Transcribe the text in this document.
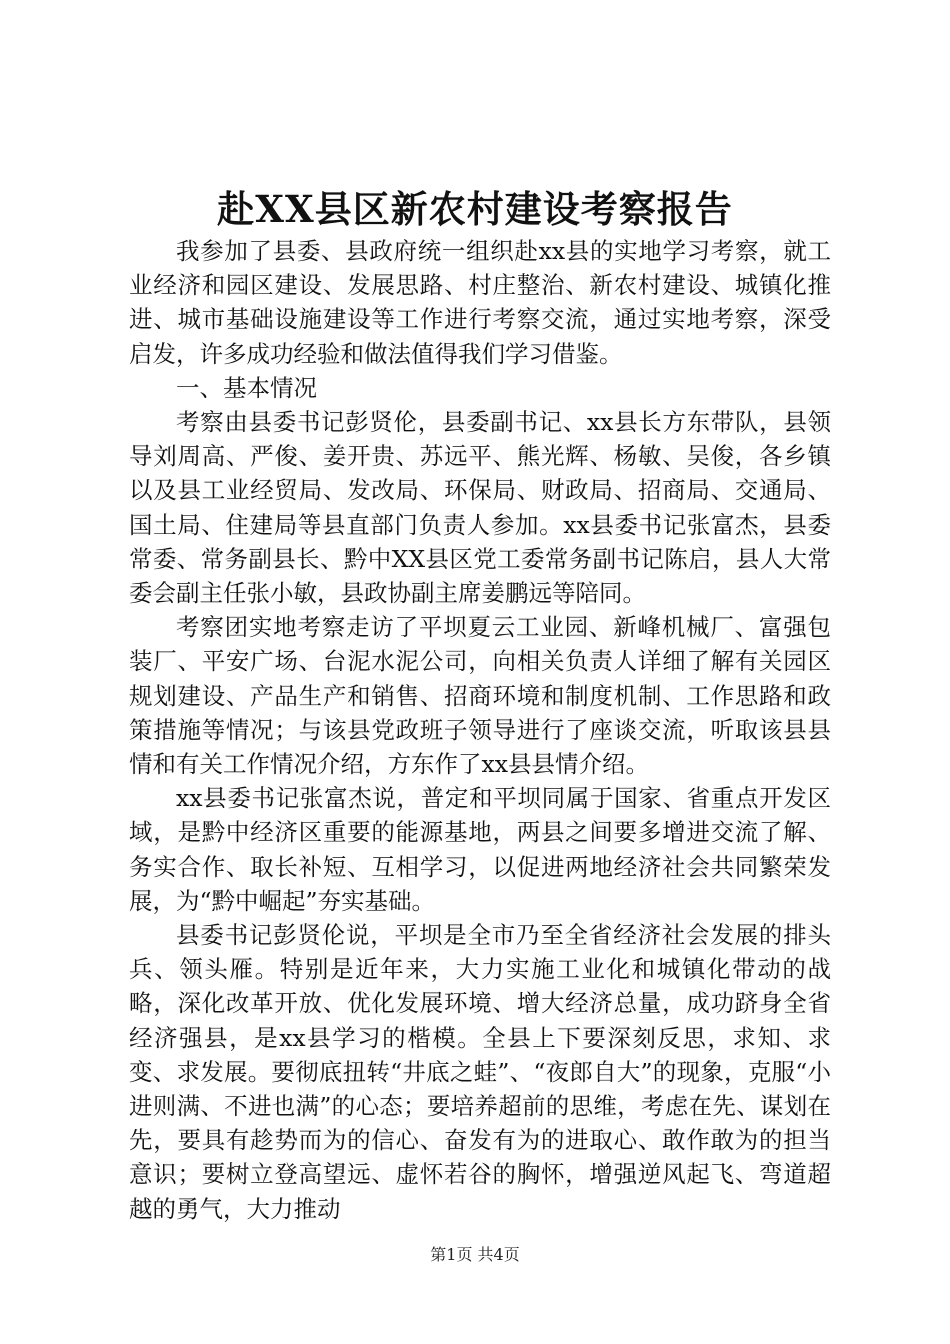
赴XX县区新农村建设考察报告

我参加了县委、县政府统一组织赴xx县的实地学习考察，就工业经济和园区建设、发展思路、村庄整治、新农村建设、城镇化推进、城市基础设施建设等工作进行考察交流，通过实地考察，深受启发，许多成功经验和做法值得我们学习借鉴。

一、基本情况

考察由县委书记彭贤伦，县委副书记、xx县长方东带队，县领导刘周高、严俊、姜开贵、苏远平、熊光辉、杨敏、吴俊，各乡镇以及县工业经贸局、发改局、环保局、财政局、招商局、交通局、国土局、住建局等县直部门负责人参加。xx县委书记张富杰，县委常委、常务副县长、黔中XX县区党工委常务副书记陈启，县人大常委会副主任张小敏，县政协副主席姜鹏远等陪同。

考察团实地考察走访了平坝夏云工业园、新峰机械厂、富强包装厂、平安广场、台泥水泥公司，向相关负责人详细了解有关园区规划建设、产品生产和销售、招商环境和制度机制、工作思路和政策措施等情况；与该县党政班子领导进行了座谈交流，听取该县县情和有关工作情况介绍，方东作了xx县县情介绍。

xx县委书记张富杰说，普定和平坝同属于国家、省重点开发区域，是黔中经济区重要的能源基地，两县之间要多增进交流了解、务实合作、取长补短、互相学习，以促进两地经济社会共同繁荣发展，为“黔中崛起”夯实基础。

县委书记彭贤伦说，平坝是全市乃至全省经济社会发展的排头兵、领头雁。特别是近年来，大力实施工业化和城镇化带动的战略，深化改革开放、优化发展环境、增大经济总量，成功跻身全省经济强县，是xx县学习的楷模。全县上下要深刻反思，求知、求变、求发展。要彻底扭转“井底之蛙”、“夜郎自大”的现象，克服“小进则满、不进也满”的心态；要培养超前的思维，考虑在先、谋划在先，要具有趁势而为的信心、奋发有为的进取心、敢作敢为的担当意识；要树立登高望远、虚怀若谷的胸怀，增强逆风起飞、弯道超越的勇气，大力推动

第1页 共4页
